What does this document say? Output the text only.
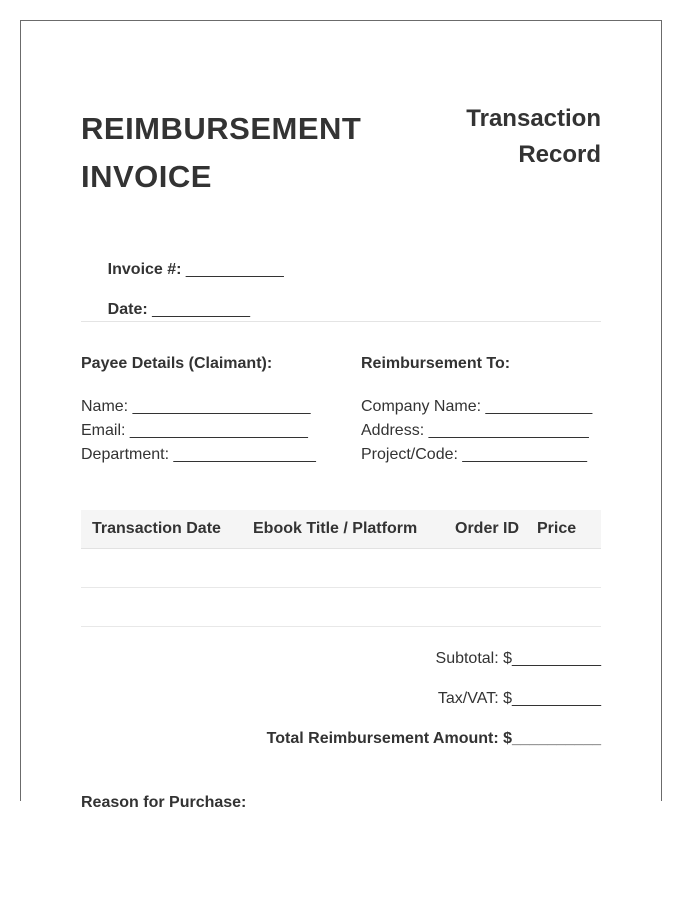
REIMBURSEMENT
INVOICE
Transaction
Record

Invoice #: ___________

Date: ___________

Payee Details (Claimant):
Name: ____________________
Email: ____________________
Department: ________________
Reimbursement To:
Company Name: ____________
Address: __________________
Project/Code: ______________
Transaction Date	Ebook Title / Platform	Order ID	Price
Subtotal: $__________
Tax/VAT: $__________
Total Reimbursement Amount: $__________
Reason for Purchase:
